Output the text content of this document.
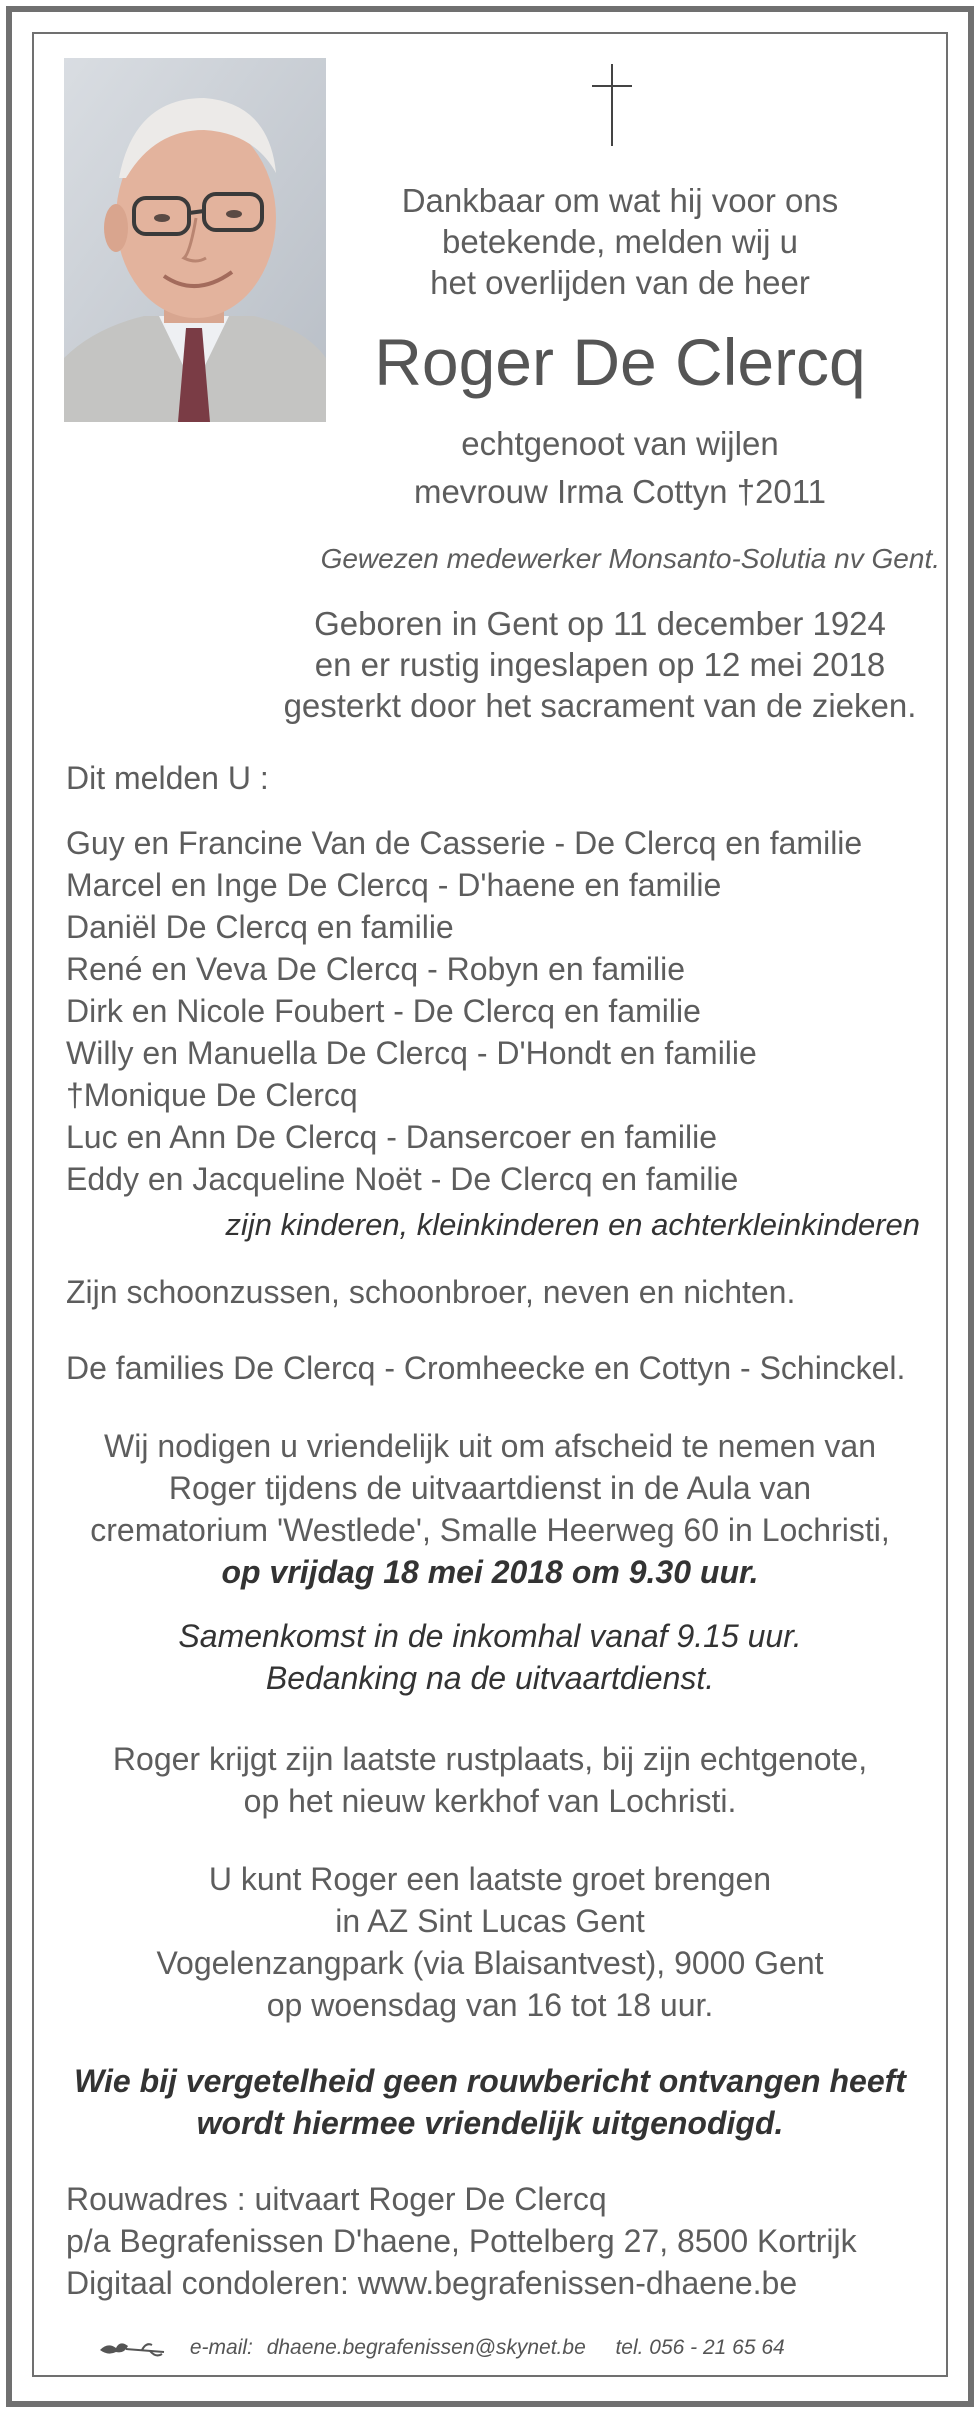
Dankbaar om wat hij voor ons
betekende, melden wij u
het overlijden van de heer
Roger De Clercq
echtgenoot van wijlen
mevrouw Irma Cottyn †2011
Gewezen medewerker Monsanto-Solutia nv Gent.
Geboren in Gent op 11 december 1924
en er rustig ingeslapen op 12 mei 2018
gesterkt door het sacrament van de zieken.
Dit melden U :
Guy en Francine Van de Casserie - De Clercq en familie
Marcel en Inge De Clercq - D'haene en familie
Daniël De Clercq en familie
René en Veva De Clercq - Robyn en familie
Dirk en Nicole Foubert - De Clercq en familie
Willy en Manuella De Clercq - D'Hondt en familie
†Monique De Clercq
Luc en Ann De Clercq - Dansercoer en familie
Eddy en Jacqueline Noët - De Clercq en familie
zijn kinderen, kleinkinderen en achterkleinkinderen
Zijn schoonzussen, schoonbroer, neven en nichten.
De families De Clercq - Cromheecke en Cottyn - Schinckel.
Wij nodigen u vriendelijk uit om afscheid te nemen van
Roger tijdens de uitvaartdienst in de Aula van
crematorium 'Westlede', Smalle Heerweg 60 in Lochristi,
op vrijdag 18 mei 2018 om 9.30 uur.
Samenkomst in de inkomhal vanaf 9.15 uur.
Bedanking na de uitvaartdienst.
Roger krijgt zijn laatste rustplaats, bij zijn echtgenote,
op het nieuw kerkhof van Lochristi.
U kunt Roger een laatste groet brengen
in AZ Sint Lucas Gent
Vogelenzangpark (via Blaisantvest), 9000 Gent
op woensdag van 16 tot 18 uur.
Wie bij vergetelheid geen rouwbericht ontvangen heeft
wordt hiermee vriendelijk uitgenodigd.
Rouwadres : uitvaart Roger De Clercq
p/a Begrafenissen D'haene, Pottelberg 27, 8500 Kortrijk
Digitaal condoleren: www.begrafenissen-dhaene.be
e-mail: dhaene.begrafenissen@skynet.be tel. 056 - 21 65 64
